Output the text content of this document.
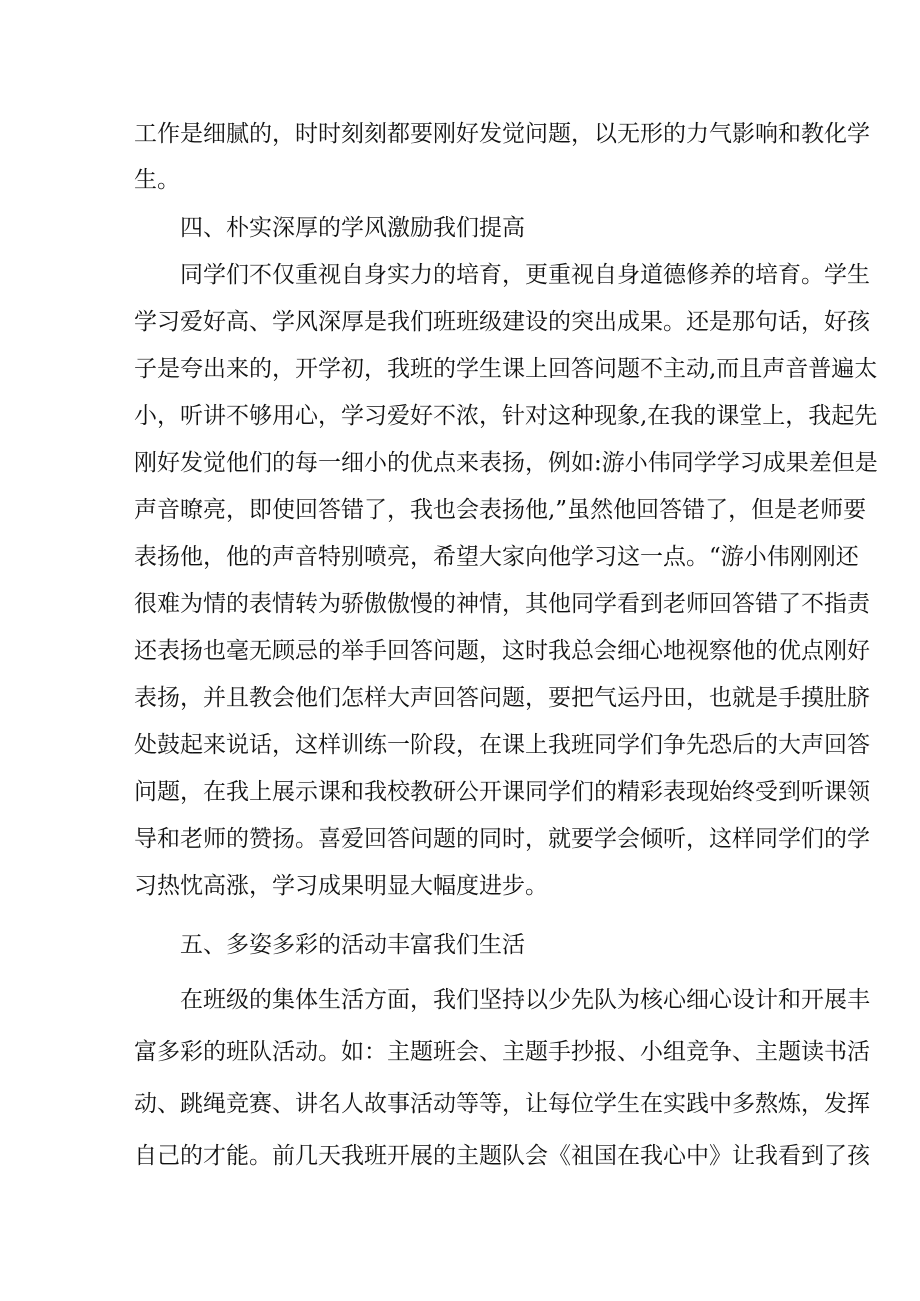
工作是细腻的，时时刻刻都要刚好发觉问题，以无形的力气影响和教化学
生。
四、朴实深厚的学风激励我们提高
同学们不仅重视自身实力的培育，更重视自身道德修养的培育。学生
学习爱好高、学风深厚是我们班班级建设的突出成果。还是那句话，好孩
子是夸出来的，开学初，我班的学生课上回答问题不主动,而且声音普遍太
小，听讲不够用心，学习爱好不浓，针对这种现象,在我的课堂上，我起先
刚好发觉他们的每一细小的优点来表扬，例如:游小伟同学学习成果差但是
声音暸亮，即使回答错了，我也会表扬他,”虽然他回答错了，但是老师要
表扬他，他的声音特别喷亮，希望大家向他学习这一点。“游小伟刚刚还
很难为情的表情转为骄傲傲慢的神情，其他同学看到老师回答错了不指责
还表扬也毫无顾忌的举手回答问题，这时我总会细心地视察他的优点刚好
表扬，并且教会他们怎样大声回答问题，要把气运丹田，也就是手摸肚脐
处鼓起来说话，这样训练一阶段，在课上我班同学们争先恐后的大声回答
问题，在我上展示课和我校教研公开课同学们的精彩表现始终受到听课领
导和老师的赞扬。喜爱回答问题的同时，就要学会倾听，这样同学们的学
习热忱高涨，学习成果明显大幅度进步。
五、多姿多彩的活动丰富我们生活
在班级的集体生活方面，我们坚持以少先队为核心细心设计和开展丰
富多彩的班队活动。如：主题班会、主题手抄报、小组竞争、主题读书活
动、跳绳竞赛、讲名人故事活动等等，让每位学生在实践中多熬炼，发挥
自己的才能。前几天我班开展的主题队会《祖国在我心中》让我看到了孩
